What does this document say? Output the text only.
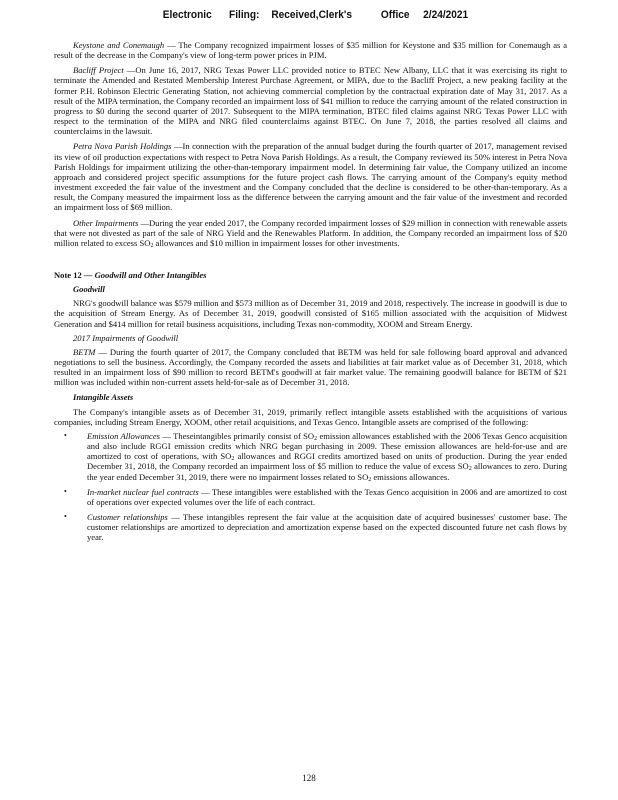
Electronic Filing: Received,Clerk's	Office 2/24/2021

Keystone and Conemaugh — The Company recognized impairment losses of $35 million for Keystone and $35 million for Conemaugh as a result of the decrease in the Company's view of long-term power prices in PJM.

Bacliff Project —On June 16, 2017, NRG Texas Power LLC provided notice to BTEC New Albany, LLC that it was exercising its right to terminate the Amended and Restated Membership Interest Purchase Agreement, or MIPA, due to the Bacliff Project, a new peaking facility at the former P.H. Robinson Electric Generating Station, not achieving commercial completion by the contractual expiration date of May 31, 2017. As a result of the MIPA termination, the Company recorded an impairment loss of $41 million to reduce the carrying amount of the related construction in progress to $0 during the second quarter of 2017. Subsequent to the MIPA termination, BTEC filed claims against NRG Texas Power LLC with respect to the termination of the MIPA and NRG filed counterclaims against BTEC. On June 7, 2018, the parties resolved all claims and counterclaims in the lawsuit.

Petra Nova Parish Holdings —In connection with the preparation of the annual budget during the fourth quarter of 2017, management revised its view of oil production expectations with respect to Petra Nova Parish Holdings. As a result, the Company reviewed its 50% interest in Petra Nova Parish Holdings for impairment utilizing the other-than-temporary impairment model. In determining fair value, the Company utilized an income approach and considered project specific assumptions for the future project cash flows. The carrying amount of the Company's equity method investment exceeded the fair value of the investment and the Company concluded that the decline is considered to be other-than-temporary. As a result, the Company measured the impairment loss as the difference between the carrying amount and the fair value of the investment and recorded an impairment loss of $69 million.

Other Impairments —During the year ended 2017, the Company recorded impairment losses of $29 million in connection with renewable assets that were not divested as part of the sale of NRG Yield and the Renewables Platform. In addition, the Company recorded an impairment loss of $20 million related to excess $SO_2$ allowances and $10 million in impairment losses for other investments.

Note 12 — Goodwill and Other Intangibles

Goodwill

NRG's goodwill balance was $579 million and $573 million as of December 31, 2019 and 2018, respectively. The increase in goodwill is due to the acquisition of Stream Energy. As of December 31, 2019, goodwill consisted of $165 million associated with the acquisition of Midwest Generation and $414 million for retail business acquisitions, including Texas non-commodity, XOOM and Stream Energy.

2017 Impairments of Goodwill

BETM — During the fourth quarter of 2017, the Company concluded that BETM was held for sale following board approval and advanced negotiations to sell the business. Accordingly, the Company recorded the assets and liabilities at fair market value as of December 31, 2018, which resulted in an impairment loss of $90 million to record BETM's goodwill at fair market value. The remaining goodwill balance for BETM of $21 million was included within non-current assets held-for-sale as of December 31, 2018.

Intangible Assets

The Company's intangible assets as of December 31, 2019, primarily reflect intangible assets established with the acquisitions of various companies, including Stream Energy, XOOM, other retail acquisitions, and Texas Genco. Intangible assets are comprised of the following:

• Emission Allowances — Theseintangibles primarily consist of $SO_2$ emission allowances established with the 2006 Texas Genco acquisition and also include RGGI emission credits which NRG began purchasing in 2009. These emission allowances are held-for-use and are amortized to cost of operations, with $SO_2$ allowances and RGGI credits amortized based on units of production. During the year ended December 31, 2018, the Company recorded an impairment loss of $5 million to reduce the value of excess $SO_2$ allowances to zero. During the year ended December 31, 2019, there were no impairment losses related to $SO_2$ emissions allowances.
• In-market nuclear fuel contracts — These intangibles were established with the Texas Genco acquisition in 2006 and are amortized to cost of operations over expected volumes over the life of each contract.
• Customer relationships — These intangibles represent the fair value at the acquisition date of acquired businesses' customer base. The customer relationships are amortized to depreciation and amortization expense based on the expected discounted future net cash flows by year.
128
